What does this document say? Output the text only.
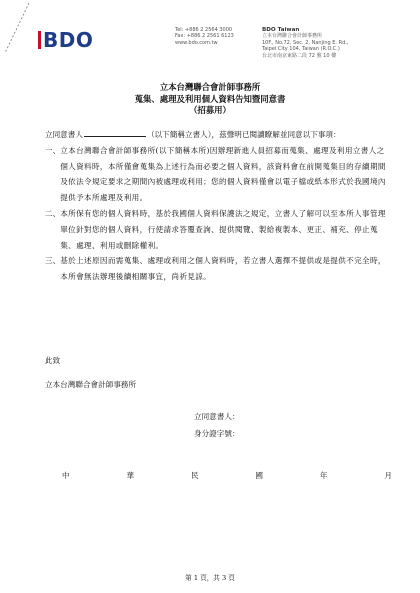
BDO	Tel: +886 2 2564 3000
Fax: +886 2 2561 6123
www.bdo.com.tw
BDO Taiwan
立本台灣聯合會計師事務所
10F., No.72, Sec. 2, Nanjing E. Rd.,
Taipei City 104, Taiwan (R.O.C.)
台北市南京東路二段 72 號 10 樓
立本台灣聯合會計師事務所
蒐集、處理及利用個人資料告知暨同意書
（招募用）

立同意書人	（以下簡稱立書人），茲聲明已閱讀瞭解並同意以下事項：

一、 立本台灣聯合會計師事務所(以下簡稱本所)因辦理新進人員招募而蒐集、處理及利用立書人之個人資料時，本所僅會蒐集為上述行為而必要之個人資料，該資料會在前開蒐集目的存續期間及依法令規定要求之期間內被處理或利用；您的個人資料僅會以電子檔或紙本形式於我國境內提供予本所處理及利用。
二、 本所保有您的個人資料時，基於我國個人資料保護法之規定，立書人了解可以至本所人事管理單位針對您的個人資料，行使請求答覆查詢、提供閱覽、製給複製本、更正、補充、停止蒐集、處理、利用或刪除權利。
三、 基於上述原因而需蒐集、處理或利用之個人資料時，若立書人選擇不提供或是提供不完全時，本所會無法辦理後續相關事宜，尚祈見諒。
此致
立本台灣聯合會計師事務所
立同意書人：
身分證字號：
中	華	民	國	年	月
第 1 頁，共 3 頁
